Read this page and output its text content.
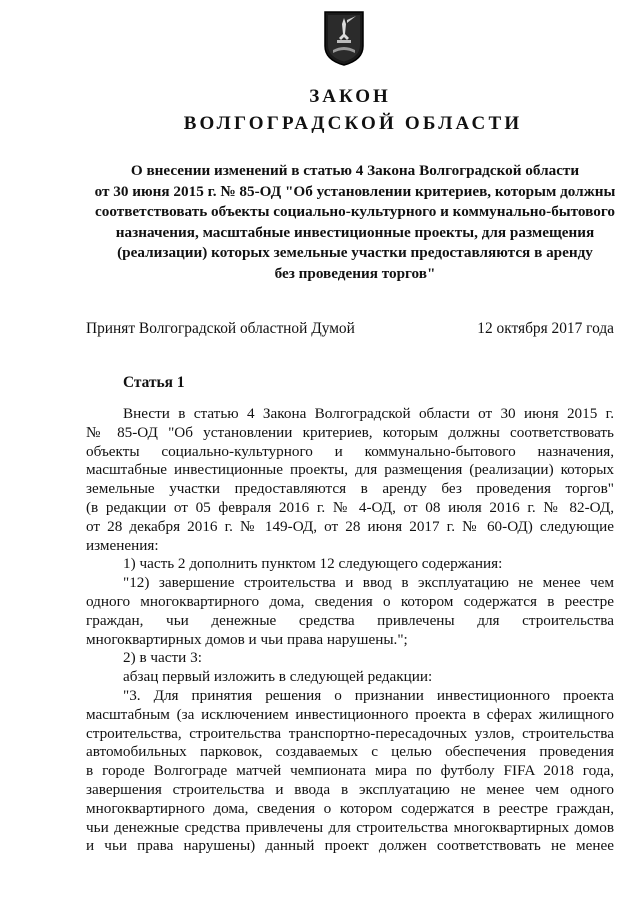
ЗАКОН
ВОЛГОГРАДСКОЙ ОБЛАСТИ
О внесении изменений в статью 4 Закона Волгоградской области
от 30 июня 2015 г. № 85-ОД "Об установлении критериев, которым должны
соответствовать объекты социально-культурного и коммунально-бытового
назначения, масштабные инвестиционные проекты, для размещения
(реализации) которых земельные участки предоставляются в аренду
без проведения торгов"
Принят Волгоградской областной Думой	12 октября 2017 года
Статья 1
Внести в статью 4 Закона Волгоградской области от 30 июня 2015 г.
№ 85-ОД "Об установлении критериев, которым должны соответствовать
объекты социально-культурного и коммунально-бытового назначения,
масштабные инвестиционные проекты, для размещения (реализации) которых
земельные участки предоставляются в аренду без проведения торгов"
(в редакции от 05 февраля 2016 г. № 4-ОД, от 08 июля 2016 г. № 82-ОД,
от 28 декабря 2016 г. № 149-ОД, от 28 июня 2017 г. № 60-ОД) следующие
изменения:
1) часть 2 дополнить пунктом 12 следующего содержания:
"12) завершение строительства и ввод в эксплуатацию не менее чем
одного многоквартирного дома, сведения о котором содержатся в реестре
граждан, чьи денежные средства привлечены для строительства
многоквартирных домов и чьи права нарушены.";
2) в части 3:
абзац первый изложить в следующей редакции:
"3. Для принятия решения о признании инвестиционного проекта
масштабным (за исключением инвестиционного проекта в сферах жилищного
строительства, строительства транспортно-пересадочных узлов, строительства
автомобильных парковок, создаваемых с целью обеспечения проведения
в городе Волгограде матчей чемпионата мира по футболу FIFA 2018 года,
завершения строительства и ввода в эксплуатацию не менее чем одного
многоквартирного дома, сведения о котором содержатся в реестре граждан,
чьи денежные средства привлечены для строительства многоквартирных домов
и чьи права нарушены) данный проект должен соответствовать не менее
